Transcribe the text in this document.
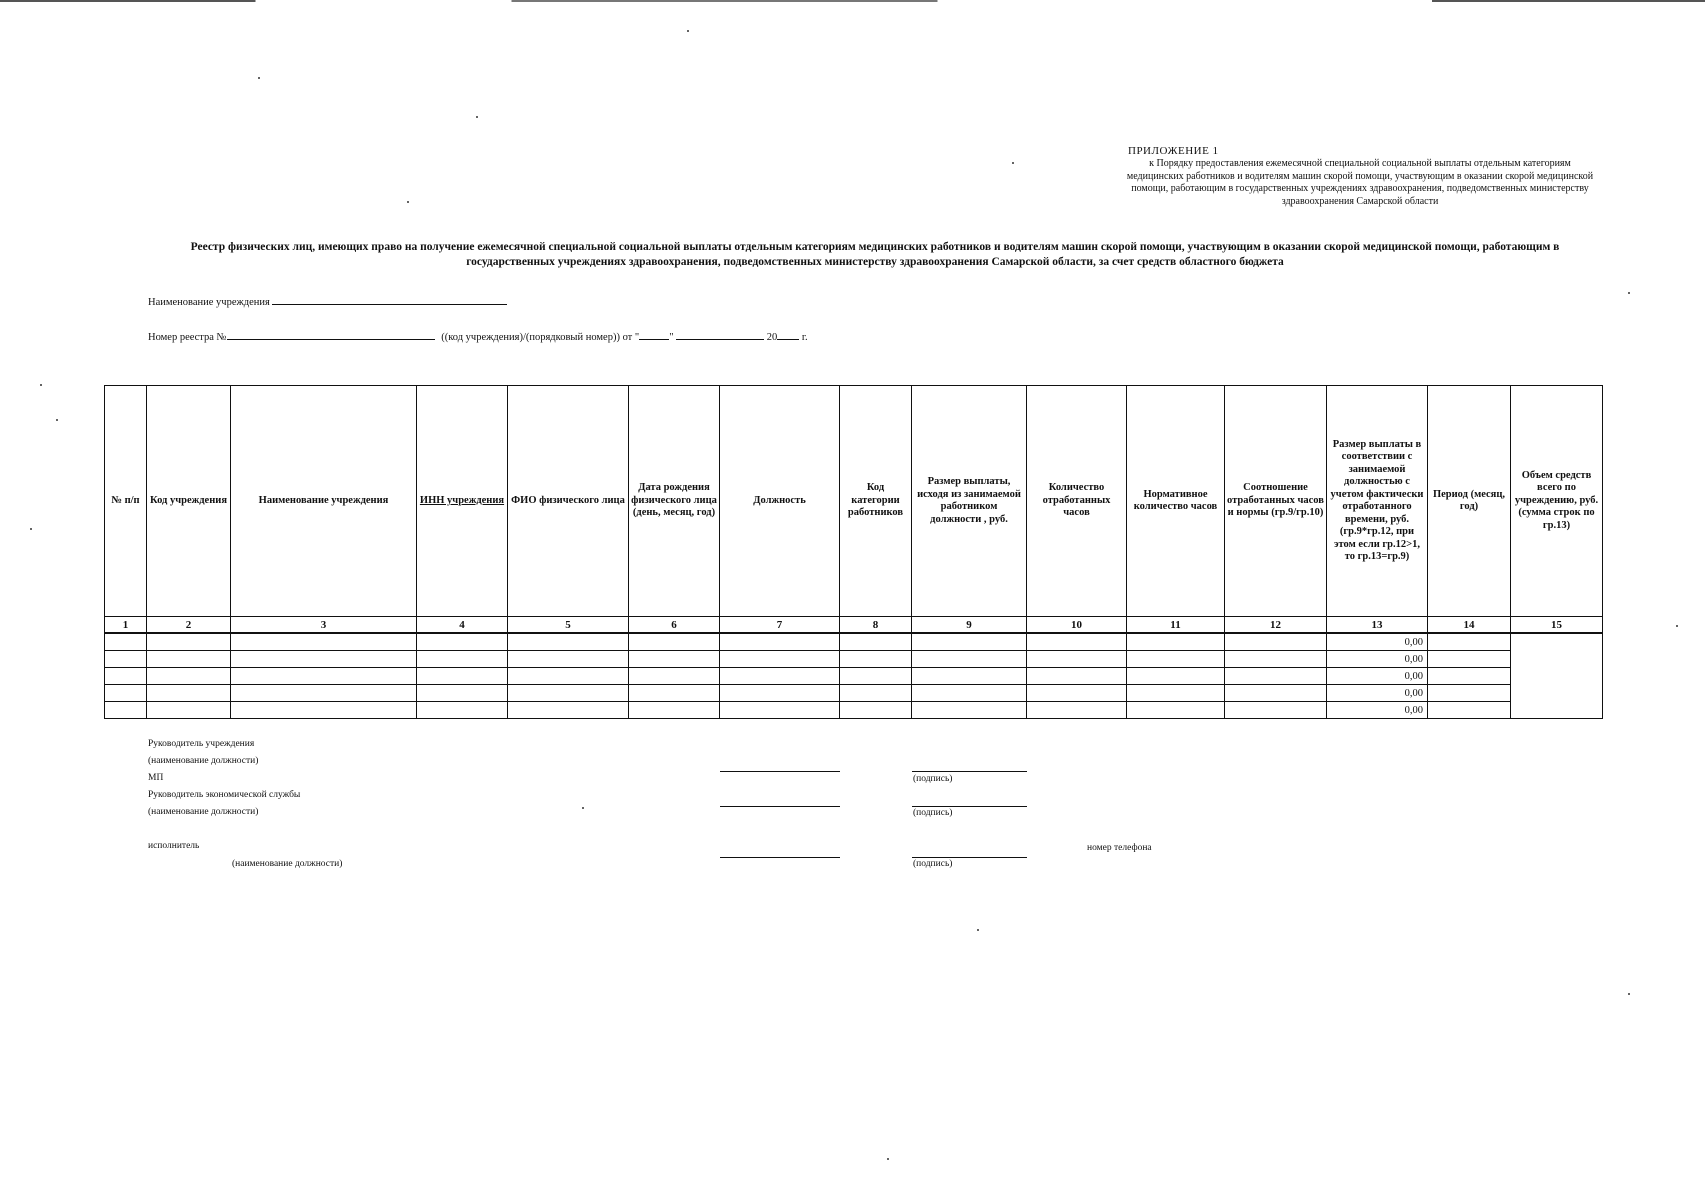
ПРИЛОЖЕНИЕ 1
к Порядку предоставления ежемесячной специальной социальной выплаты отдельным категориям медицинских работников и водителям машин скорой помощи, участвующим в оказании скорой медицинской помощи, работающим в государственных учреждениях здравоохранения, подведомственных министерству здравоохранения Самарской области
Реестр физических лиц, имеющих право на получение ежемесячной специальной социальной выплаты отдельным категориям медицинских работников и водителям машин скорой помощи, участвующим в оказании скорой медицинской помощи, работающим в государственных учреждениях здравоохранения, подведомственных министерству здравоохранения Самарской области, за счет средств областного бюджета
Наименование учреждения
Номер реестра №	((код учреждения)/(порядковый номер)) от "	"	20 г.
№ п/п	Код учреждения	Наименование учреждения	ИНН учреждения	ФИО физического лица	Дата рождения физического лица (день, месяц, год)	Должность	Код категории работников	Размер выплаты, исходя из занимаемой работником должности , руб.	Количество отработанных часов	Нормативное количество часов	Соотношение отработанных часов и нормы (гр.9/гр.10)	Размер выплаты в соответствии с занимаемой должностью с учетом фактически отработанного времени, руб. (гр.9*гр.12, при этом если гр.12>1, то гр.13=гр.9)	Период (месяц, год)	Объем средств всего по учреждению, руб. (сумма строк по гр.13)
1	2	3	4	5	6	7	8	9	10	11	12	13	14	15
												0,00		
												0,00		
												0,00		
												0,00		
												0,00		
Руководитель учреждения
(наименование должности)
МП	(подпись)
Руководитель экономической службы
(наименование должности)	(подпись)
исполнитель	номер телефона
(наименование должности)	(подпись)
